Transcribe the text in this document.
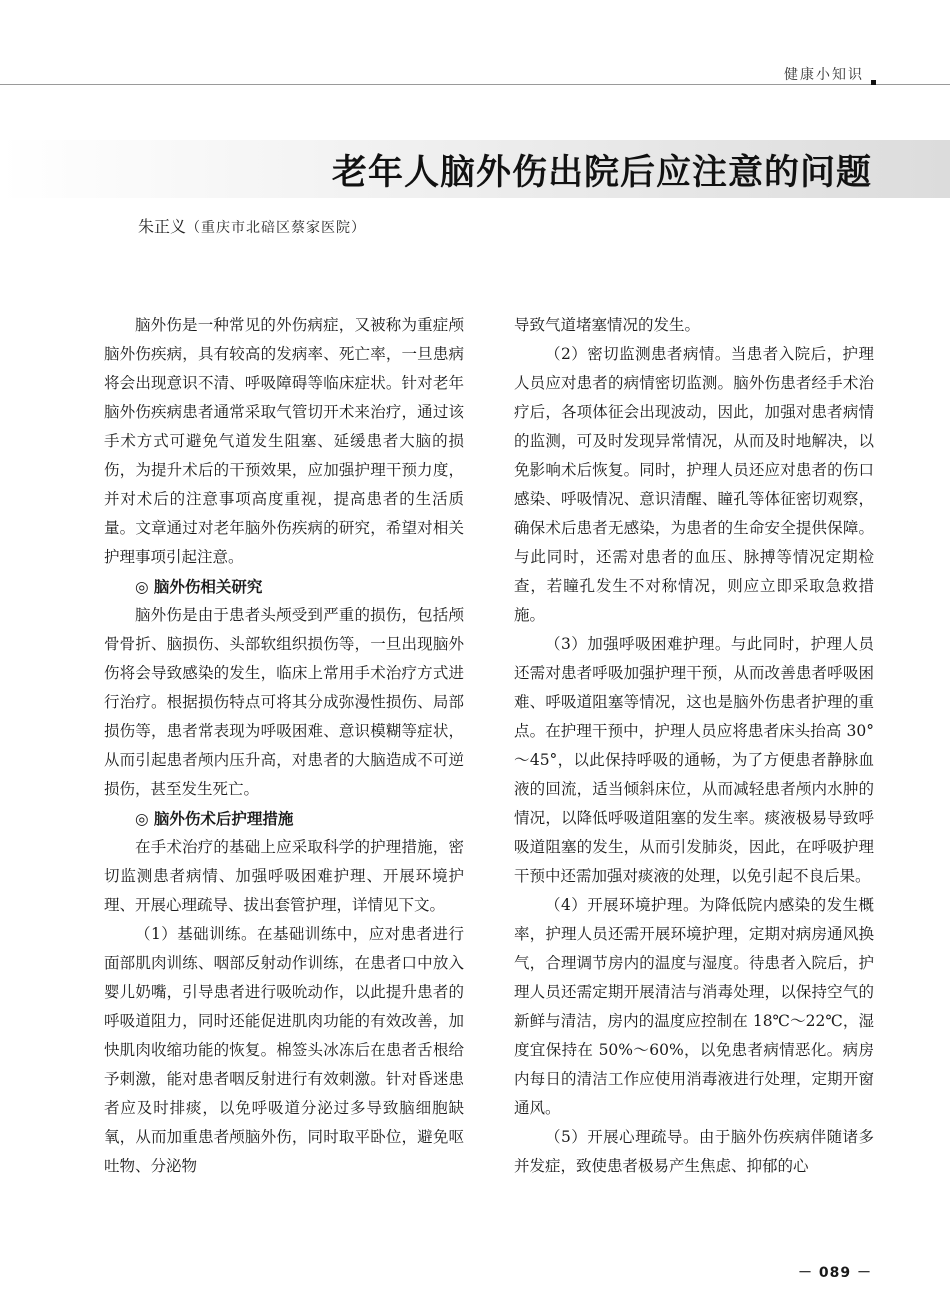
健康小知识
老年人脑外伤出院后应注意的问题
朱正义（重庆市北碚区蔡家医院）

脑外伤是一种常见的外伤病症，又被称为重症颅脑外伤疾病，具有较高的发病率、死亡率，一旦患病将会出现意识不清、呼吸障碍等临床症状。针对老年脑外伤疾病患者通常采取气管切开术来治疗，通过该手术方式可避免气道发生阻塞、延缓患者大脑的损伤，为提升术后的干预效果，应加强护理干预力度，并对术后的注意事项高度重视，提高患者的生活质量。文章通过对老年脑外伤疾病的研究，希望对相关护理事项引起注意。

◎ 脑外伤相关研究

脑外伤是由于患者头颅受到严重的损伤，包括颅骨骨折、脑损伤、头部软组织损伤等，一旦出现脑外伤将会导致感染的发生，临床上常用手术治疗方式进行治疗。根据损伤特点可将其分成弥漫性损伤、局部损伤等，患者常表现为呼吸困难、意识模糊等症状，从而引起患者颅内压升高，对患者的大脑造成不可逆损伤，甚至发生死亡。

◎ 脑外伤术后护理措施

在手术治疗的基础上应采取科学的护理措施，密切监测患者病情、加强呼吸困难护理、开展环境护理、开展心理疏导、拔出套管护理，详情见下文。

（1）基础训练。在基础训练中，应对患者进行面部肌肉训练、咽部反射动作训练，在患者口中放入婴儿奶嘴，引导患者进行吸吮动作，以此提升患者的呼吸道阻力，同时还能促进肌肉功能的有效改善，加快肌肉收缩功能的恢复。棉签头冰冻后在患者舌根给予刺激，能对患者咽反射进行有效刺激。针对昏迷患者应及时排痰，以免呼吸道分泌过多导致脑细胞缺氧，从而加重患者颅脑外伤，同时取平卧位，避免呕吐物、分泌物

导致气道堵塞情况的发生。

（2）密切监测患者病情。当患者入院后，护理人员应对患者的病情密切监测。脑外伤患者经手术治疗后，各项体征会出现波动，因此，加强对患者病情的监测，可及时发现异常情况，从而及时地解决，以免影响术后恢复。同时，护理人员还应对患者的伤口感染、呼吸情况、意识清醒、瞳孔等体征密切观察，确保术后患者无感染，为患者的生命安全提供保障。与此同时，还需对患者的血压、脉搏等情况定期检查，若瞳孔发生不对称情况，则应立即采取急救措施。

（3）加强呼吸困难护理。与此同时，护理人员还需对患者呼吸加强护理干预，从而改善患者呼吸困难、呼吸道阻塞等情况，这也是脑外伤患者护理的重点。在护理干预中，护理人员应将患者床头抬高 30°～45°，以此保持呼吸的通畅，为了方便患者静脉血液的回流，适当倾斜床位，从而减轻患者颅内水肿的情况，以降低呼吸道阻塞的发生率。痰液极易导致呼吸道阻塞的发生，从而引发肺炎，因此，在呼吸护理干预中还需加强对痰液的处理，以免引起不良后果。

（4）开展环境护理。为降低院内感染的发生概率，护理人员还需开展环境护理，定期对病房通风换气，合理调节房内的温度与湿度。待患者入院后，护理人员还需定期开展清洁与消毒处理，以保持空气的新鲜与清洁，房内的温度应控制在 18℃～22℃，湿度宜保持在 50%～60%，以免患者病情恶化。病房内每日的清洁工作应使用消毒液进行处理，定期开窗通风。

（5）开展心理疏导。由于脑外伤疾病伴随诸多并发症，致使患者极易产生焦虑、抑郁的心

－ 089 －
